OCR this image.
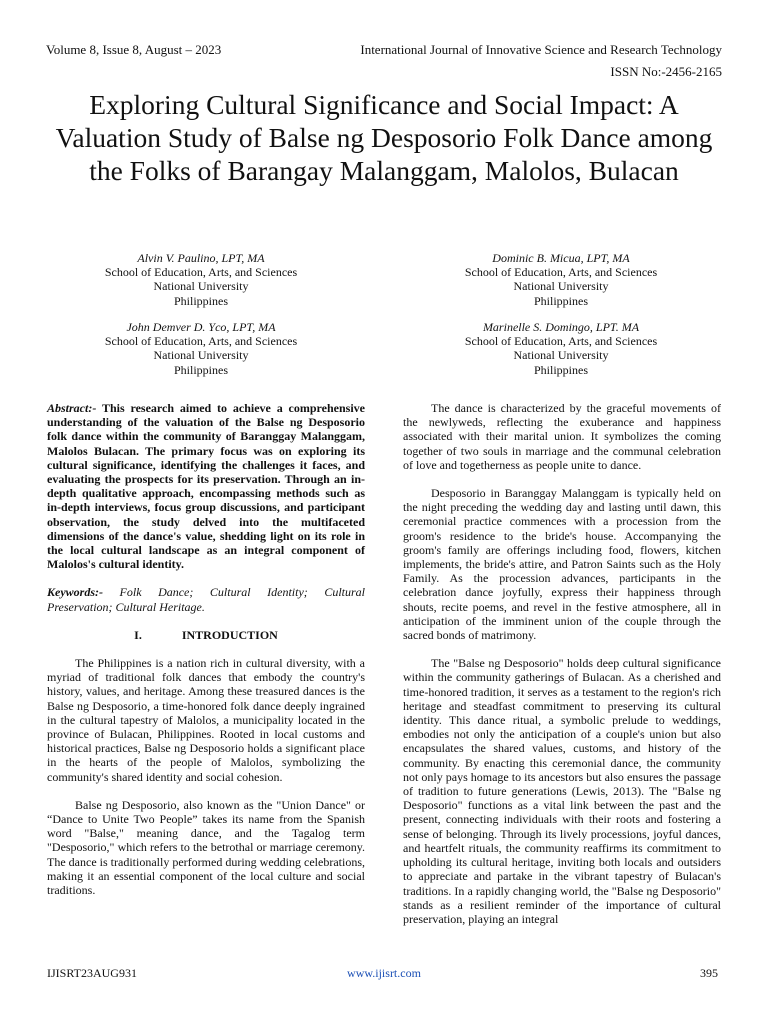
Volume 8, Issue 8, August – 2023	International Journal of Innovative Science and Research Technology
ISSN No:-2456-2165
Exploring Cultural Significance and Social Impact: A Valuation Study of Balse ng Desposorio Folk Dance among the Folks of Barangay Malanggam, Malolos, Bulacan
Alvin V. Paulino, LPT, MA
School of Education, Arts, and Sciences
National University
Philippines
Dominic B. Micua, LPT, MA
School of Education, Arts, and Sciences
National University
Philippines
John Demver D. Yco, LPT, MA
School of Education, Arts, and Sciences
National University
Philippines
Marinelle S. Domingo, LPT. MA
School of Education, Arts, and Sciences
National University
Philippines

Abstract:- This research aimed to achieve a comprehensive understanding of the valuation of the Balse ng Desposorio folk dance within the community of Baranggay Malanggam, Malolos Bulacan. The primary focus was on exploring its cultural significance, identifying the challenges it faces, and evaluating the prospects for its preservation. Through an in-depth qualitative approach, encompassing methods such as in-depth interviews, focus group discussions, and participant observation, the study delved into the multifaceted dimensions of the dance's value, shedding light on its role in the local cultural landscape as an integral component of Malolos's cultural identity.

Keywords:- Folk Dance; Cultural Identity; Cultural Preservation; Cultural Heritage.

I.	INTRODUCTION

The Philippines is a nation rich in cultural diversity, with a myriad of traditional folk dances that embody the country's history, values, and heritage. Among these treasured dances is the Balse ng Desposorio, a time-honored folk dance deeply ingrained in the cultural tapestry of Malolos, a municipality located in the province of Bulacan, Philippines. Rooted in local customs and historical practices, Balse ng Desposorio holds a significant place in the hearts of the people of Malolos, symbolizing the community's shared identity and social cohesion.

Balse ng Desposorio, also known as the "Union Dance" or “Dance to Unite Two People” takes its name from the Spanish word "Balse," meaning dance, and the Tagalog term "Desposorio," which refers to the betrothal or marriage ceremony. The dance is traditionally performed during wedding celebrations, making it an essential component of the local culture and social traditions.

The dance is characterized by the graceful movements of the newlyweds, reflecting the exuberance and happiness associated with their marital union. It symbolizes the coming together of two souls in marriage and the communal celebration of love and togetherness as people unite to dance.

Desposorio in Baranggay Malanggam is typically held on the night preceding the wedding day and lasting until dawn, this ceremonial practice commences with a procession from the groom's residence to the bride's house. Accompanying the groom's family are offerings including food, flowers, kitchen implements, the bride's attire, and Patron Saints such as the Holy Family. As the procession advances, participants in the celebration dance joyfully, express their happiness through shouts, recite poems, and revel in the festive atmosphere, all in anticipation of the imminent union of the couple through the sacred bonds of matrimony.

The "Balse ng Desposorio" holds deep cultural significance within the community gatherings of Bulacan. As a cherished and time-honored tradition, it serves as a testament to the region's rich heritage and steadfast commitment to preserving its cultural identity. This dance ritual, a symbolic prelude to weddings, embodies not only the anticipation of a couple's union but also encapsulates the shared values, customs, and history of the community. By enacting this ceremonial dance, the community not only pays homage to its ancestors but also ensures the passage of tradition to future generations (Lewis, 2013). The "Balse ng Desposorio" functions as a vital link between the past and the present, connecting individuals with their roots and fostering a sense of belonging. Through its lively processions, joyful dances, and heartfelt rituals, the community reaffirms its commitment to upholding its cultural heritage, inviting both locals and outsiders to appreciate and partake in the vibrant tapestry of Bulacan's traditions. In a rapidly changing world, the "Balse ng Desposorio" stands as a resilient reminder of the importance of cultural preservation, playing an integral

IJISRT23AUG931	www.ijisrt.com	395
